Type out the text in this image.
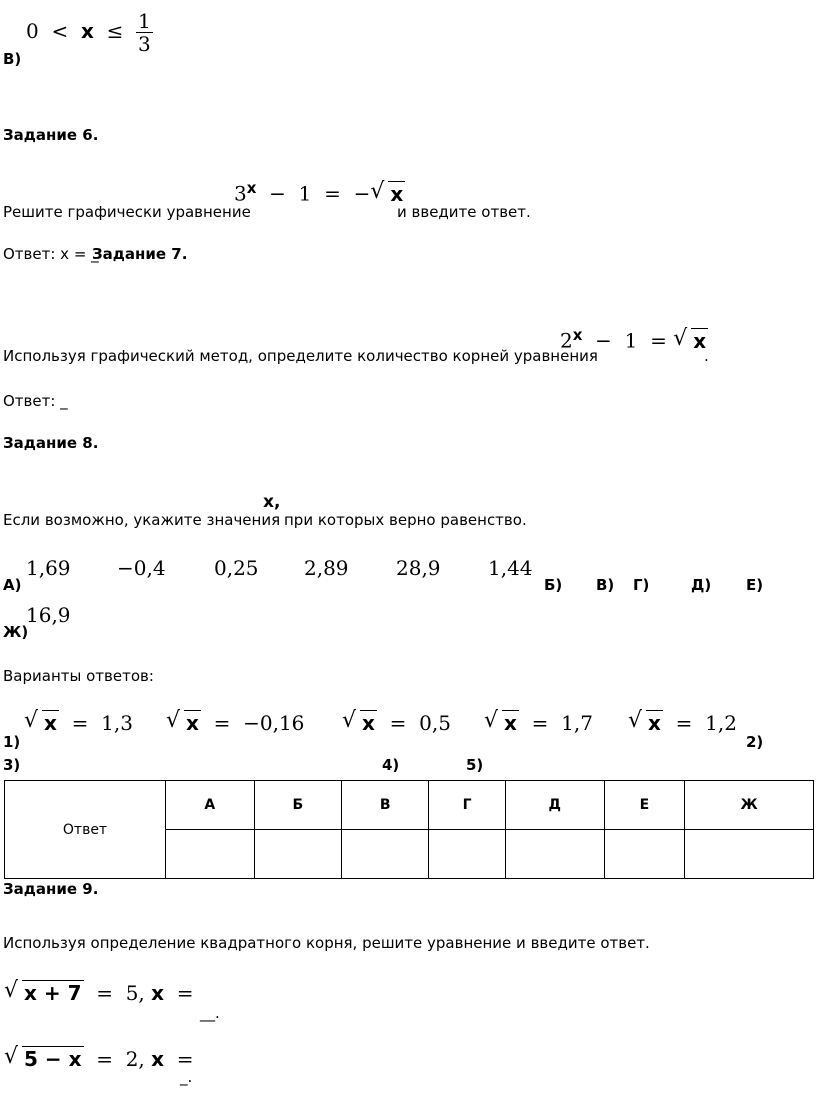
$0 < x \le \frac{1}{3}$
В)
Задание 6.
Решите графически уравнение
$3^x - 1$ = − √ x
и введите ответ.
Ответ: x = _
Задание 7.
Используя графический метод, определите количество корней уравнения
$2^x - 1$ = √ x
.
Ответ: _
Задание 8.
Если возможно, укажите значения
x,
при которых верно равенство.
1,69 −0,4 0,25 2,89 28,9 1,44
16,9
А)	Б) В) Г)	Д) Е)
Ж)
Варианты ответов:
√ x = 1,3	√ x = −0,16	√ x = 0,5	√ x = 1,7	√ x = 1,2
1)	2)
3)	4)	5)
Ответ	А	Б	В	Г	Д	Е	Ж

Задание 9.
Используя определение квадратного корня, решите уравнение и введите ответ.
√ x + 7 = 5, x =
__.
√ 5 − x = 2, x =
_.
